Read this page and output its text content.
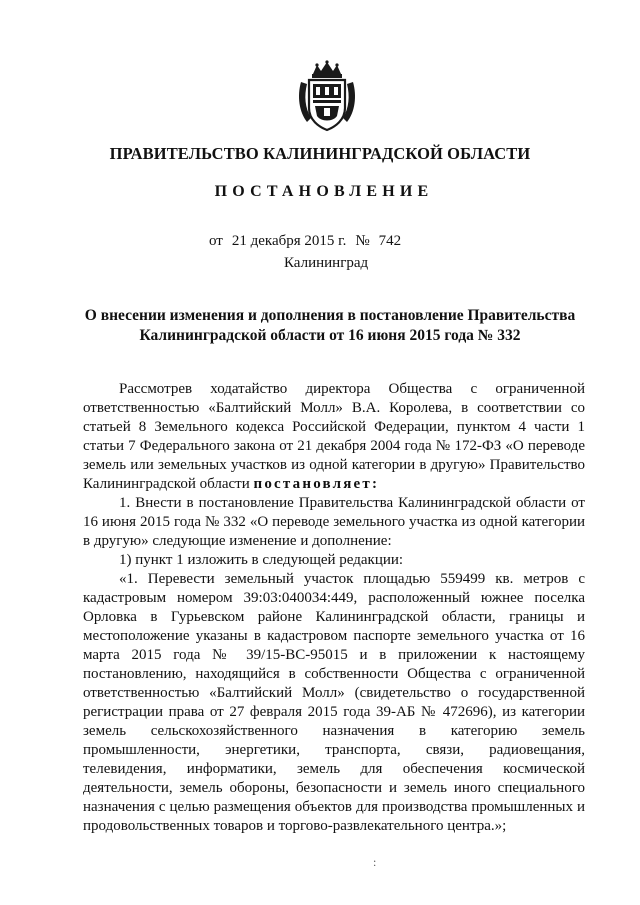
ПРАВИТЕЛЬСТВО КАЛИНИНГРАДСКОЙ ОБЛАСТИ
ПОСТАНОВЛЕНИЕ
от 21 декабря 2015 г. № 742
Калининград
О внесении изменения и дополнения в постановление Правительства
Калининградской области от 16 июня 2015 года № 332

Рассмотрев ходатайство директора Общества с ограниченной ответственностью «Балтийский Молл» В.А. Королева, в соответствии со статьей 8 Земельного кодекса Российской Федерации, пунктом 4 части 1 статьи 7 Федерального закона от 21 декабря 2004 года № 172-ФЗ «О переводе земель или земельных участков из одной категории в другую» Правительство Калининградской области постановляет:

1. Внести в постановление Правительства Калининградской области от 16 июня 2015 года № 332 «О переводе земельного участка из одной категории в другую» следующие изменение и дополнение:

1) пункт 1 изложить в следующей редакции:

«1. Перевести земельный участок площадью 559499 кв. метров с кадастровым номером 39:03:040034:449, расположенный южнее поселка Орловка в Гурьевском районе Калининградской области, границы и местоположение указаны в кадастровом паспорте земельного участка от 16 марта 2015 года № 39/15-ВС-95015 и в приложении к настоящему постановлению, находящийся в собственности Общества с ограниченной ответственностью «Балтийский Молл» (свидетельство о государственной регистрации права от 27 февраля 2015 года 39-АБ № 472696), из категории земель сельскохозяйственного назначения в категорию земель промышленности, энергетики, транспорта, связи, радиовещания, телевидения, информатики, земель для обеспечения космической деятельности, земель обороны, безопасности и земель иного специального назначения с целью размещения объектов для производства промышленных и продовольственных товаров и торгово-развлекательного центра.»;

:
